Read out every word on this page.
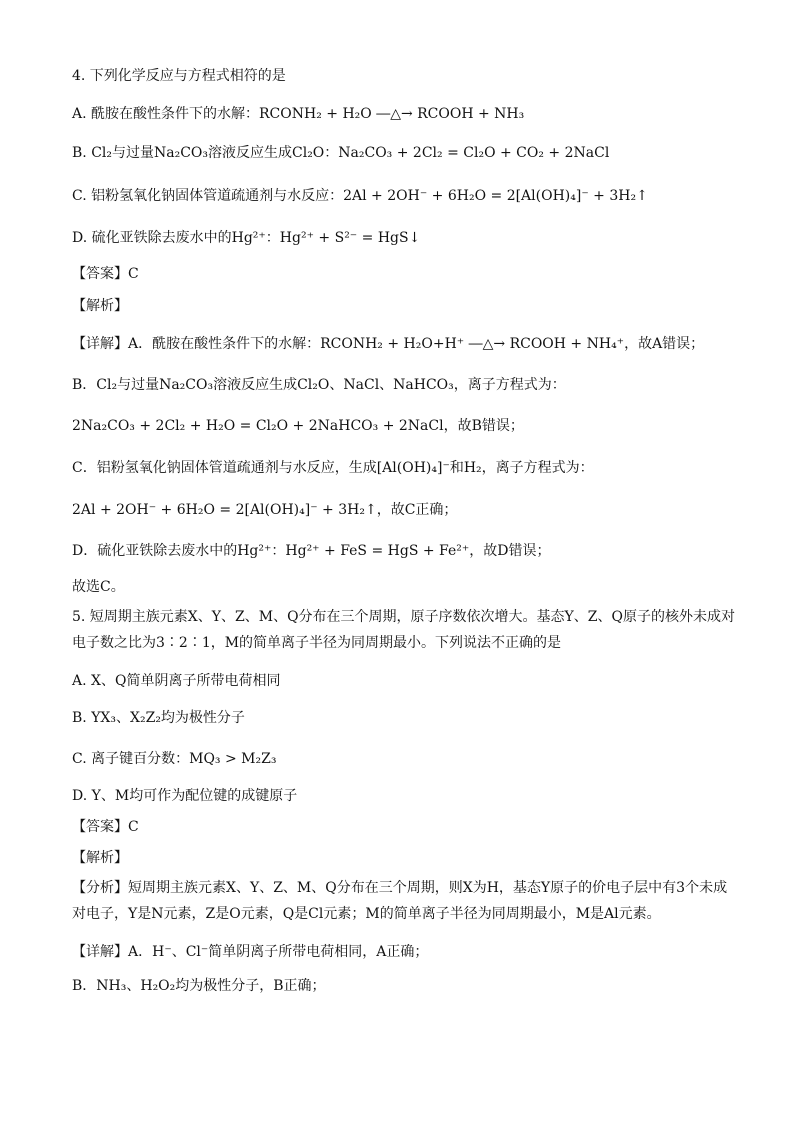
4. 下列化学反应与方程式相符的是
A. 酰胺在酸性条件下的水解：RCONH₂ + H₂O ―△→ RCOOH + NH₃
B. Cl₂与过量Na₂CO₃溶液反应生成Cl₂O：Na₂CO₃ + 2Cl₂ = Cl₂O + CO₂ + 2NaCl
C. 铝粉氢氧化钠固体管道疏通剂与水反应：2Al + 2OH⁻ + 6H₂O = 2[Al(OH)₄]⁻ + 3H₂↑
D. 硫化亚铁除去废水中的Hg²⁺：Hg²⁺ + S²⁻ = HgS↓
【答案】C
【解析】
【详解】A．酰胺在酸性条件下的水解：RCONH₂ + H₂O+H⁺ ―△→ RCOOH + NH₄⁺，故A错误；
B．Cl₂与过量Na₂CO₃溶液反应生成Cl₂O、NaCl、NaHCO₃，离子方程式为：
2Na₂CO₃ + 2Cl₂ + H₂O = Cl₂O + 2NaHCO₃ + 2NaCl，故B错误；
C．铝粉氢氧化钠固体管道疏通剂与水反应，生成[Al(OH)₄]⁻和H₂，离子方程式为：
2Al + 2OH⁻ + 6H₂O = 2[Al(OH)₄]⁻ + 3H₂↑，故C正确；
D．硫化亚铁除去废水中的Hg²⁺：Hg²⁺ + FeS = HgS + Fe²⁺，故D错误；
故选C。
5. 短周期主族元素X、Y、Z、M、Q分布在三个周期，原子序数依次增大。基态Y、Z、Q原子的核外未成对电子数之比为3∶2∶1，M的简单离子半径为同周期最小。下列说法不正确的是
A. X、Q简单阴离子所带电荷相同
B. YX₃、X₂Z₂均为极性分子
C. 离子键百分数：MQ₃ > M₂Z₃
D. Y、M均可作为配位键的成键原子
【答案】C
【解析】
【分析】短周期主族元素X、Y、Z、M、Q分布在三个周期，则X为H，基态Y原子的价电子层中有3个未成对电子，Y是N元素，Z是O元素，Q是Cl元素；M的简单离子半径为同周期最小，M是Al元素。
【详解】A．H⁻、Cl⁻简单阴离子所带电荷相同，A正确；
B．NH₃、H₂O₂均为极性分子，B正确；
